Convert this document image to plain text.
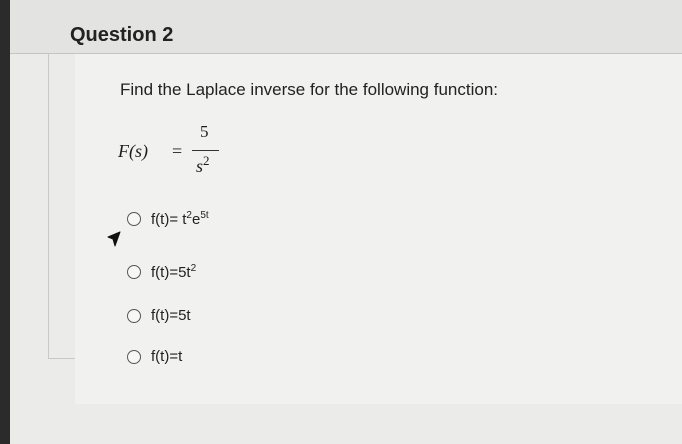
Question 2
Find the Laplace inverse for the following function:
F(s) =
5
$s^2$
$f(t)= t^2e^{5t}$
$f(t)=5t^2$
f(t)=5t
f(t)=t
